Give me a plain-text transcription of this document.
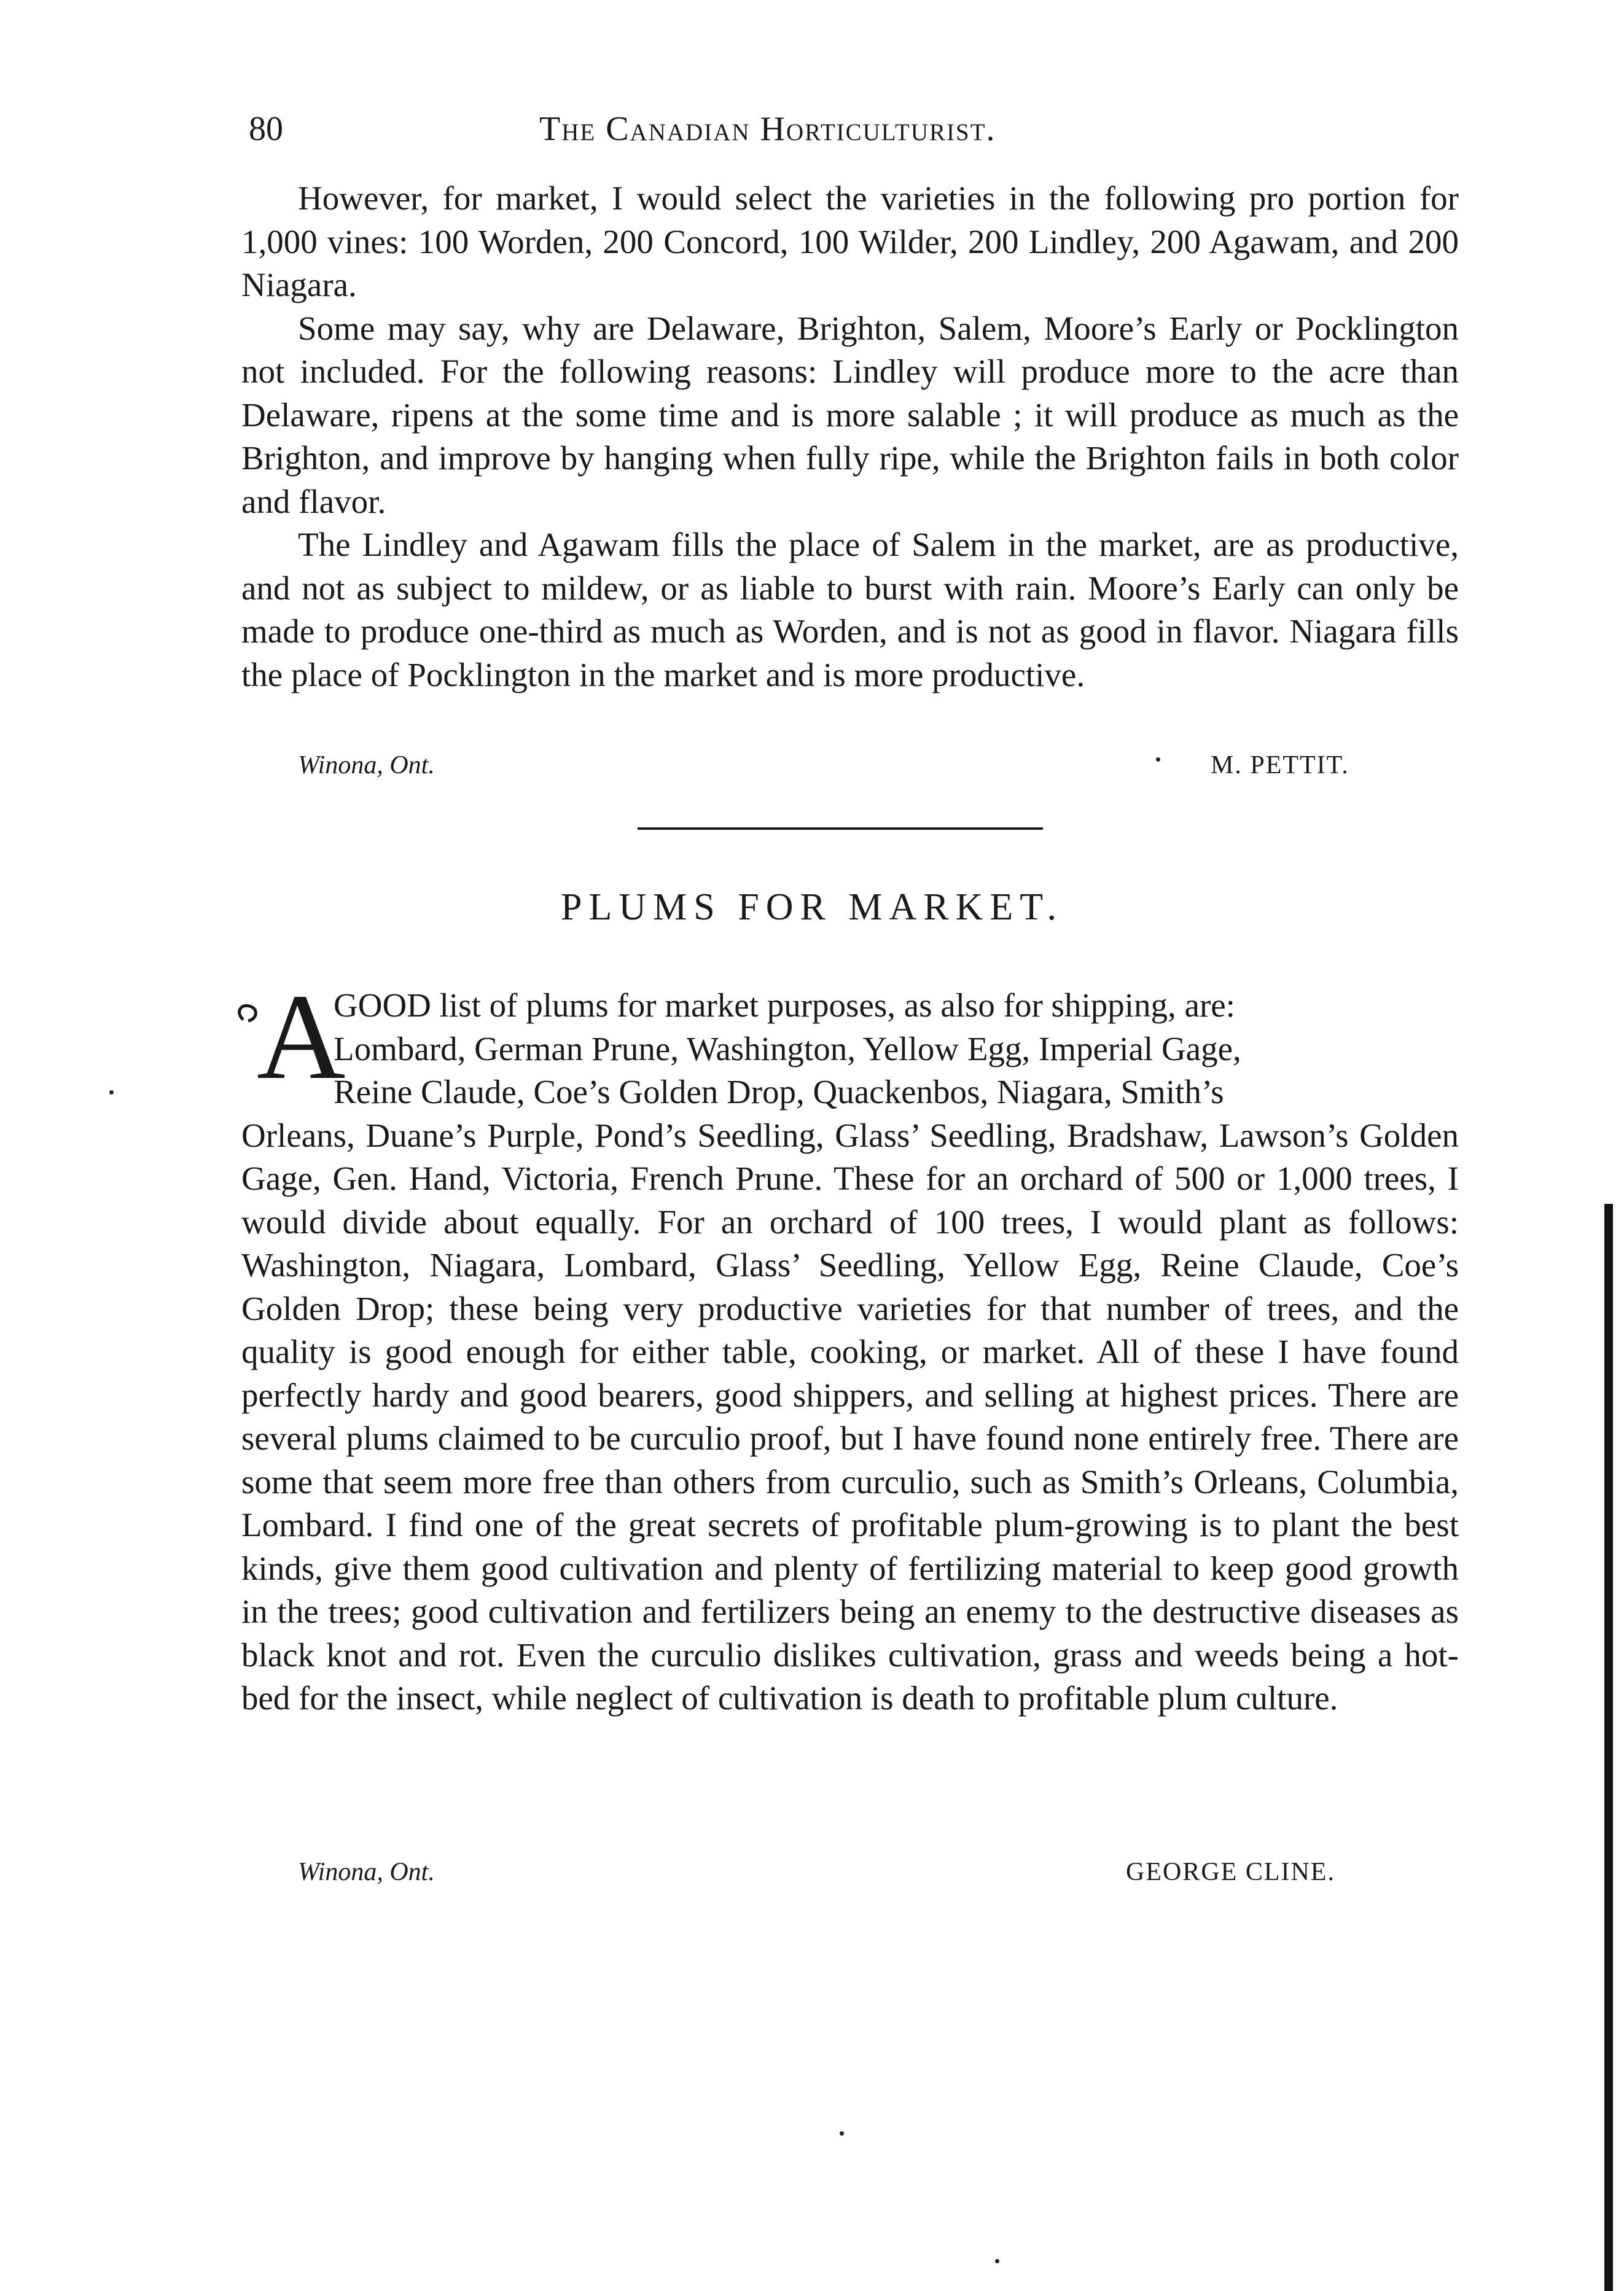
80	The Canadian Horticulturist.

However, for market, I would select the varieties in the following pro portion for 1,000 vines: 100 Worden, 200 Concord, 100 Wilder, 200 Lindley, 200 Agawam, and 200 Niagara.

Some may say, why are Delaware, Brighton, Salem, Moore’s Early or Pocklington not included. For the following reasons: Lindley will produce more to the acre than Delaware, ripens at the some time and is more salable ; it will produce as much as the Brighton, and improve by hanging when fully ripe, while the Brighton fails in both color and flavor.

The Lindley and Agawam fills the place of Salem in the market, are as productive, and not as subject to mildew, or as liable to burst with rain. Moore’s Early can only be made to produce one-third as much as Worden, and is not as good in flavor. Niagara fills the place of Pocklington in the market and is more productive.

Winona, Ont.	M. PETTIT.
PLUMS FOR MARKET.
A

GOOD list of plums for market purposes, as also for shipping, are:

Lombard, German Prune, Washington, Yellow Egg, Imperial Gage,

Reine Claude, Coe’s Golden Drop, Quackenbos, Niagara, Smith’s

Orleans, Duane’s Purple, Pond’s Seedling, Glass’ Seedling, Bradshaw, Lawson’s Golden Gage, Gen. Hand, Victoria, French Prune. These for an orchard of 500 or 1,000 trees, I would divide about equally. For an orchard of 100 trees, I would plant as follows: Washington, Niagara, Lombard, Glass’ Seedling, Yellow Egg, Reine Claude, Coe’s Golden Drop; these being very productive varieties for that number of trees, and the quality is good enough for either table, cooking, or market. All of these I have found perfectly hardy and good bearers, good shippers, and selling at highest prices. There are several plums claimed to be curculio proof, but I have found none entirely free. There are some that seem more free than others from curculio, such as Smith’s Orleans, Columbia, Lombard. I find one of the great secrets of profitable plum-growing is to plant the best kinds, give them good cultivation and plenty of fertilizing material to keep good growth in the trees; good cultivation and fertilizers being an enemy to the destructive diseases as black knot and rot. Even the curculio dislikes cultivation, grass and weeds being a hot-bed for the insect, while neglect of cultivation is death to profitable plum culture.

Winona, Ont.	GEORGE CLINE.
